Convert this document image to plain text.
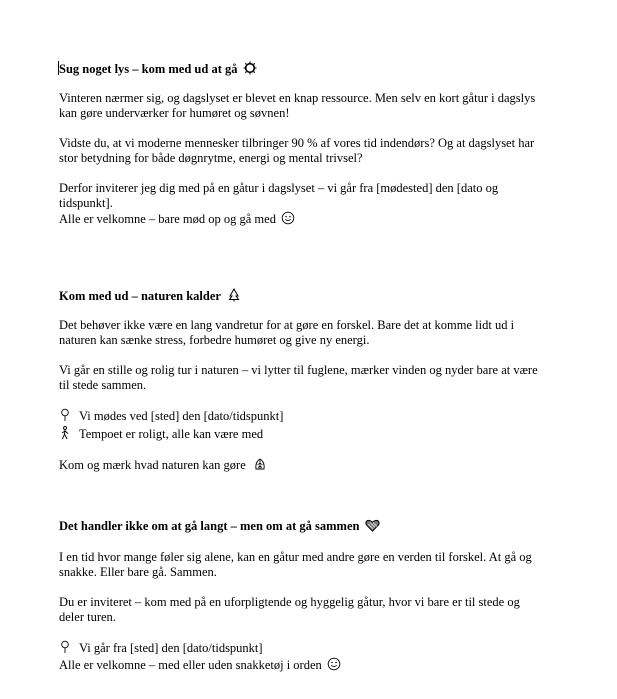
Sug noget lys – kom med ud at gå
Vinteren nærmer sig, og dagslyset er blevet en knap ressource. Men selv en kort gåtur i dagslys
kan gøre underværker for humøret og søvnen!
Vidste du, at vi moderne mennesker tilbringer 90 % af vores tid indendørs? Og at dagslyset har
stor betydning for både døgnrytme, energi og mental trivsel?
Derfor inviterer jeg dig med på en gåtur i dagslyset – vi går fra [mødested] den [dato og
tidspunkt].
Alle er velkomne – bare mød op og gå med
Kom med ud – naturen kalder
Det behøver ikke være en lang vandretur for at gøre en forskel. Bare det at komme lidt ud i
naturen kan sænke stress, forbedre humøret og give ny energi.
Vi går en stille og rolig tur i naturen – vi lytter til fuglene, mærker vinden og nyder bare at være
til stede sammen.
Vi mødes ved [sted] den [dato/tidspunkt]
Tempoet er roligt, alle kan være med
Kom og mærk hvad naturen kan gøre
Det handler ikke om at gå langt – men om at gå sammen
I en tid hvor mange føler sig alene, kan en gåtur med andre gøre en verden til forskel. At gå og
snakke. Eller bare gå. Sammen.
Du er inviteret – kom med på en uforpligtende og hyggelig gåtur, hvor vi bare er til stede og
deler turen.
Vi går fra [sted] den [dato/tidspunkt]
Alle er velkomne – med eller uden snakketøj i orden
